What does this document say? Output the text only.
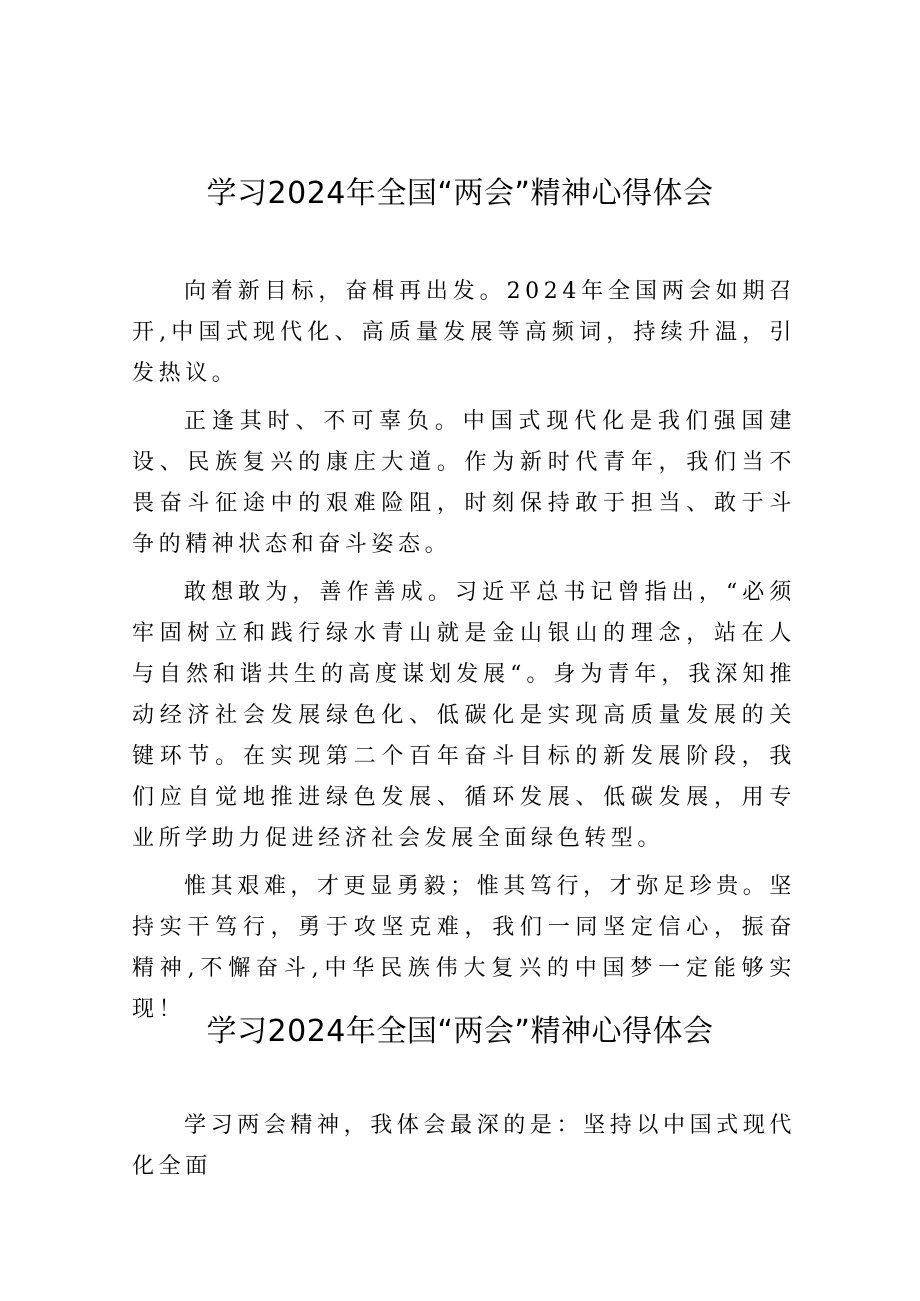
学习2024年全国“两会”精神心得体会

向着新目标，奋楫再出发。2024年全国两会如期召开,中国式现代化、高质量发展等高频词，持续升温，引发热议。

正逢其时、不可辜负。中国式现代化是我们强国建设、民族复兴的康庄大道。作为新时代青年，我们当不畏奋斗征途中的艰难险阻，时刻保持敢于担当、敢于斗争的精神状态和奋斗姿态。

敢想敢为，善作善成。习近平总书记曾指出，“必须牢固树立和践行绿水青山就是金山银山的理念，站在人与自然和谐共生的高度谋划发展“。身为青年，我深知推动经济社会发展绿色化、低碳化是实现高质量发展的关键环节。在实现第二个百年奋斗目标的新发展阶段，我们应自觉地推进绿色发展、循环发展、低碳发展，用专业所学助力促进经济社会发展全面绿色转型。

惟其艰难，才更显勇毅；惟其笃行，才弥足珍贵。坚持实干笃行，勇于攻坚克难，我们一同坚定信心，振奋精神,不懈奋斗,中华民族伟大复兴的中国梦一定能够实现！

学习2024年全国“两会”精神心得体会

学习两会精神，我体会最深的是：坚持以中国式现代化全面
